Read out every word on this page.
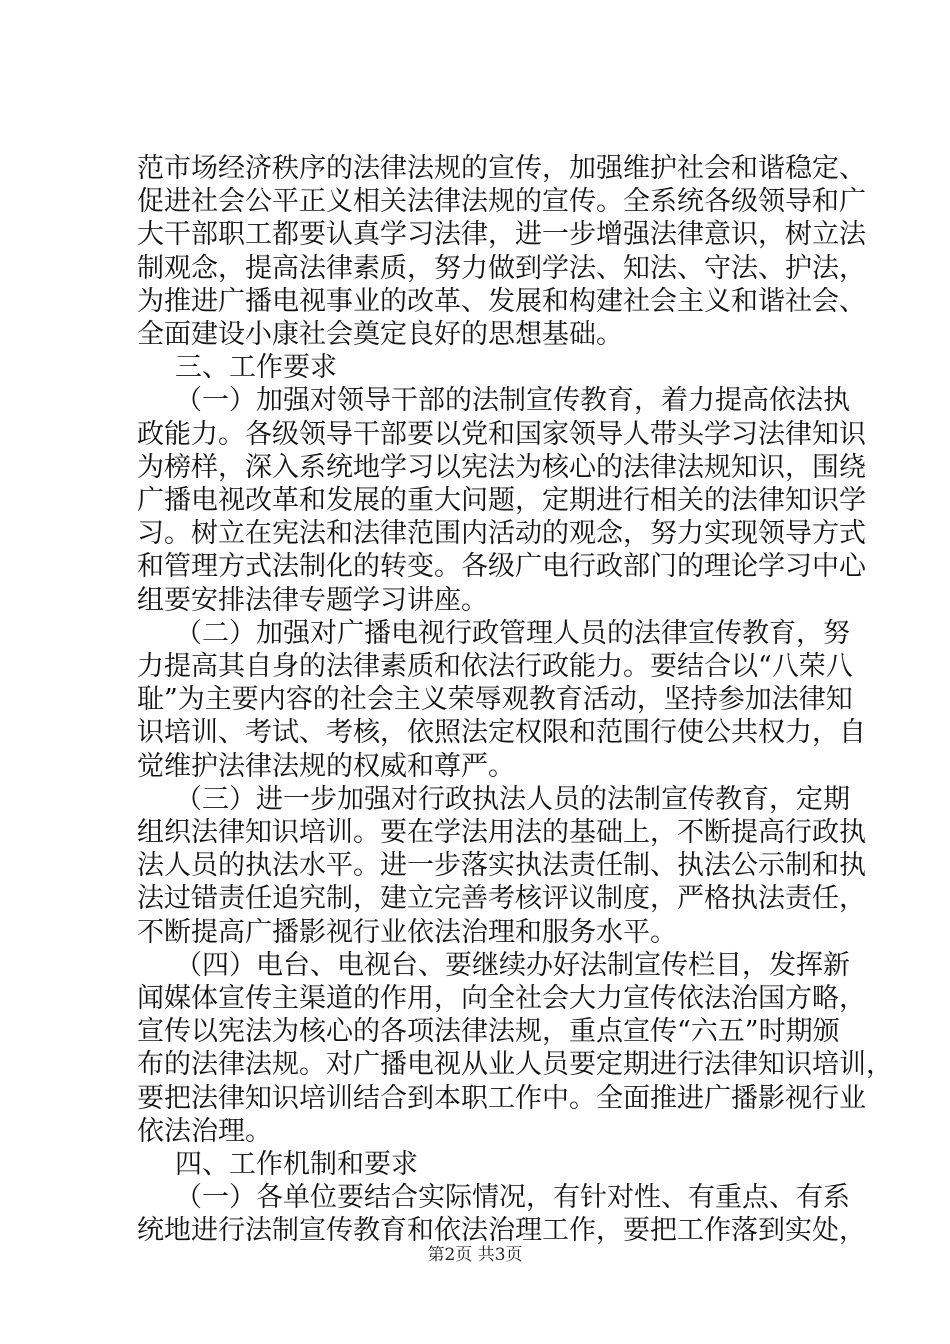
范市场经济秩序的法律法规的宣传，加强维护社会和谐稳定、
促进社会公平正义相关法律法规的宣传。全系统各级领导和广
大干部职工都要认真学习法律，进一步增强法律意识，树立法
制观念，提高法律素质，努力做到学法、知法、守法、护法，
为推进广播电视事业的改革、发展和构建社会主义和谐社会、
全面建设小康社会奠定良好的思想基础。
三、工作要求
（一）加强对领导干部的法制宣传教育，着力提高依法执
政能力。各级领导干部要以党和国家领导人带头学习法律知识
为榜样，深入系统地学习以宪法为核心的法律法规知识，围绕
广播电视改革和发展的重大问题，定期进行相关的法律知识学
习。树立在宪法和法律范围内活动的观念，努力实现领导方式
和管理方式法制化的转变。各级广电行政部门的理论学习中心
组要安排法律专题学习讲座。
（二）加强对广播电视行政管理人员的法律宣传教育，努
力提高其自身的法律素质和依法行政能力。要结合以“八荣八
耻”为主要内容的社会主义荣辱观教育活动，坚持参加法律知
识培训、考试、考核，依照法定权限和范围行使公共权力，自
觉维护法律法规的权威和尊严。
（三）进一步加强对行政执法人员的法制宣传教育，定期
组织法律知识培训。要在学法用法的基础上，不断提高行政执
法人员的执法水平。进一步落实执法责任制、执法公示制和执
法过错责任追究制，建立完善考核评议制度，严格执法责任，
不断提高广播影视行业依法治理和服务水平。
（四）电台、电视台、要继续办好法制宣传栏目，发挥新
闻媒体宣传主渠道的作用，向全社会大力宣传依法治国方略，
宣传以宪法为核心的各项法律法规，重点宣传“六五”时期颁
布的法律法规。对广播电视从业人员要定期进行法律知识培训，
要把法律知识培训结合到本职工作中。全面推进广播影视行业
依法治理。
四、工作机制和要求
（一）各单位要结合实际情况，有针对性、有重点、有系
统地进行法制宣传教育和依法治理工作，要把工作落到实处，
第2页 共3页
